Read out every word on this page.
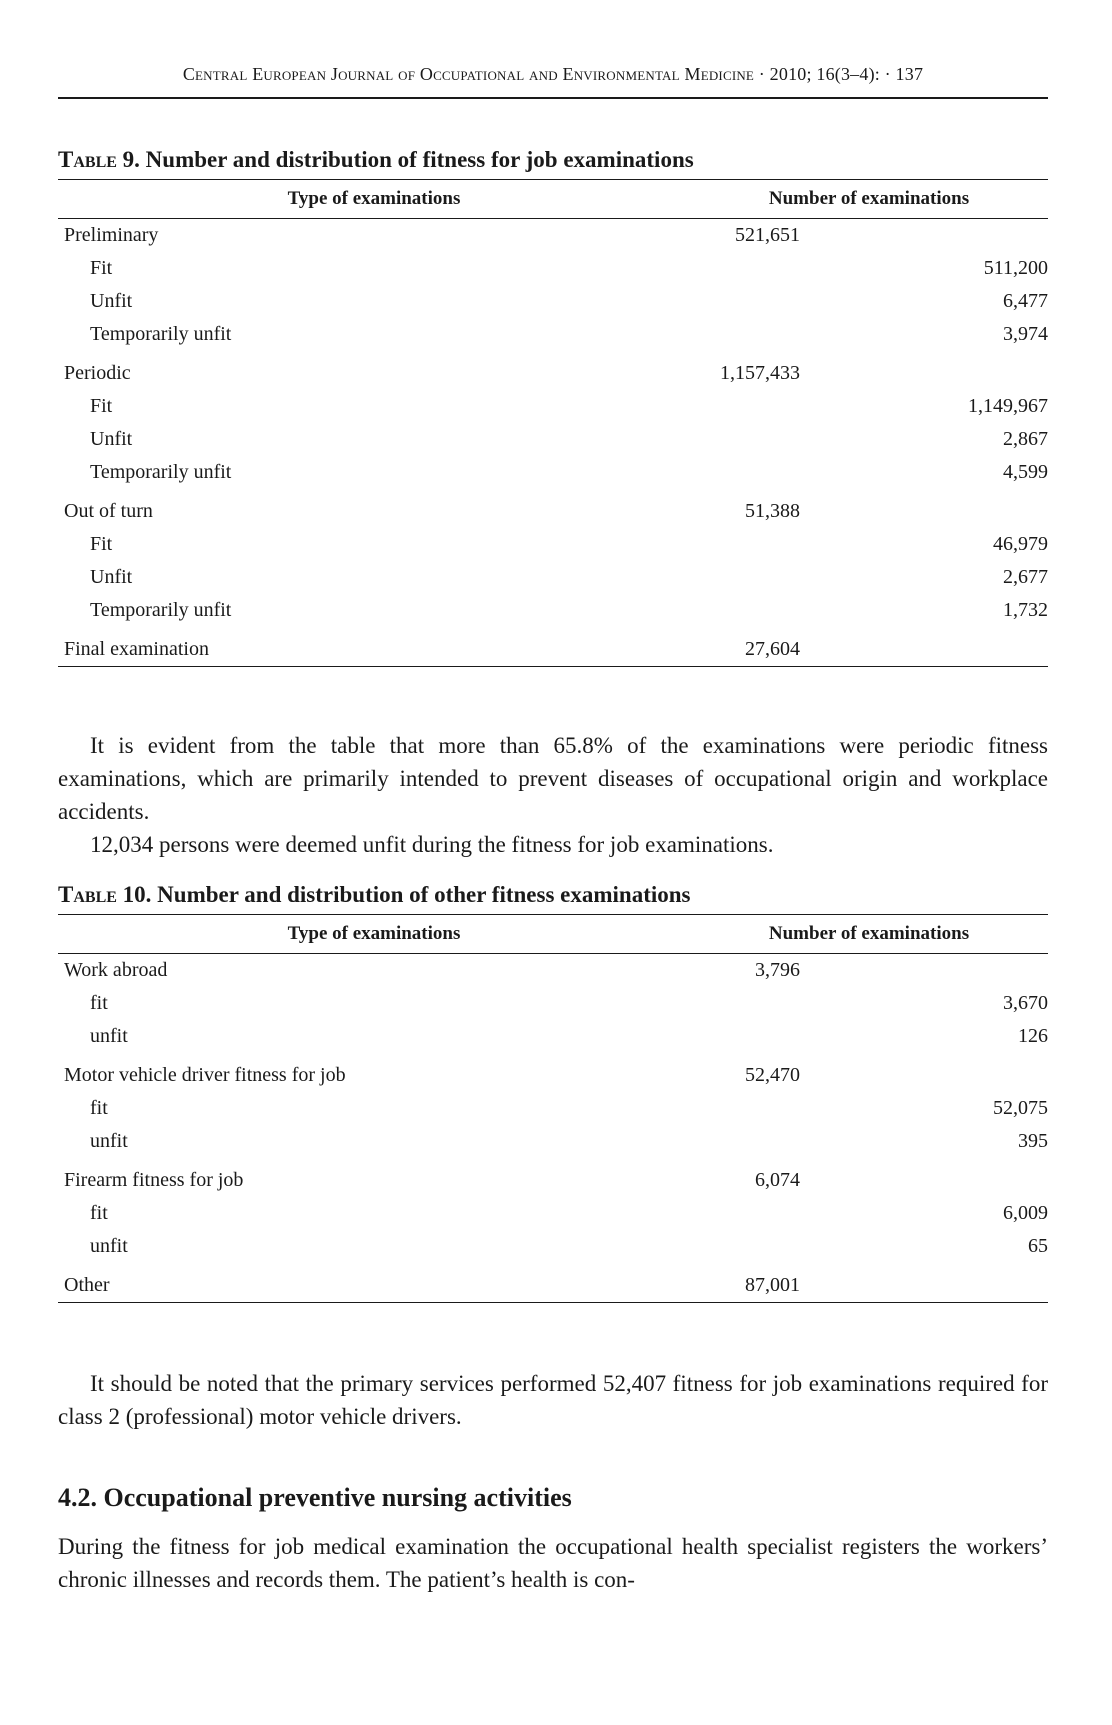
Central European Journal of Occupational and Environmental Medicine · 2010; 16(3–4): · 137
Table 9. Number and distribution of fitness for job examinations
Type of examinations	Number of examinations	
Preliminary	521,651	
Fit		511,200
Unfit		6,477
Temporarily unfit		3,974
Periodic	1,157,433	
Fit		1,149,967
Unfit		2,867
Temporarily unfit		4,599
Out of turn	51,388	
Fit		46,979
Unfit		2,677
Temporarily unfit		1,732
Final examination	27,604	
It is evident from the table that more than 65.8% of the examinations were periodic fitness examinations, which are primarily intended to prevent diseases of occupational origin and workplace accidents.
12,034 persons were deemed unfit during the fitness for job examinations.
Table 10. Number and distribution of other fitness examinations
Type of examinations	Number of examinations	
Work abroad	3,796	
fit		3,670
unfit		126
Motor vehicle driver fitness for job	52,470	
fit		52,075
unfit		395
Firearm fitness for job	6,074	
fit		6,009
unfit		65
Other	87,001	
It should be noted that the primary services performed 52,407 fitness for job examinations required for class 2 (professional) motor vehicle drivers.
4.2. Occupational preventive nursing activities
During the fitness for job medical examination the occupational health specialist registers the workers’ chronic illnesses and records them. The patient’s health is con-
